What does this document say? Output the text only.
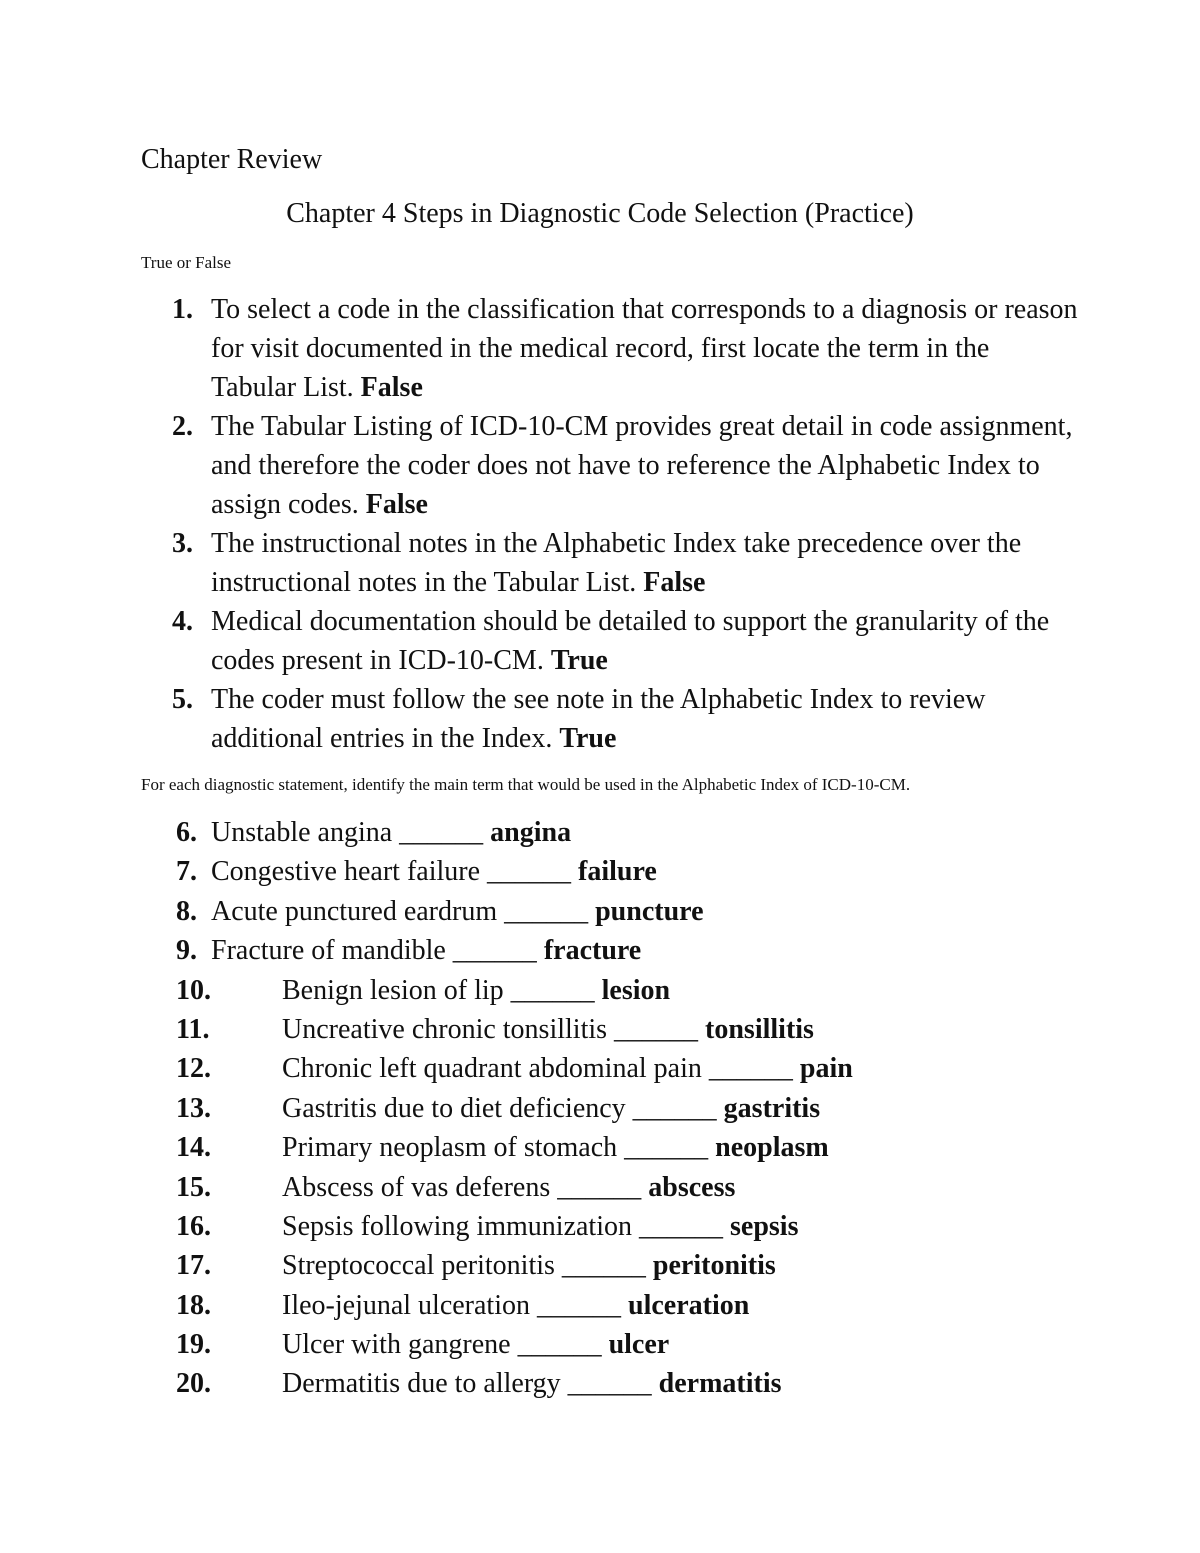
Chapter Review
Chapter 4 Steps in Diagnostic Code Selection (Practice)
True or False
1. To select a code in the classification that corresponds to a diagnosis or reason for visit documented in the medical record, first locate the term in the Tabular List. False
2. The Tabular Listing of ICD-10-CM provides great detail in code assignment, and therefore the coder does not have to reference the Alphabetic Index to assign codes. False
3. The instructional notes in the Alphabetic Index take precedence over the instructional notes in the Tabular List. False
4. Medical documentation should be detailed to support the granularity of the codes present in ICD-10-CM. True
5. The coder must follow the see note in the Alphabetic Index to review additional entries in the Index. True
For each diagnostic statement, identify the main term that would be used in the Alphabetic Index of ICD-10-CM.
6. Unstable angina ______ angina
7. Congestive heart failure ______ failure
8. Acute punctured eardrum ______ puncture
9. Fracture of mandible ______ fracture
10.	Benign lesion of lip ______ lesion
11.	Uncreative chronic tonsillitis ______ tonsillitis
12.	Chronic left quadrant abdominal pain ______ pain
13.	Gastritis due to diet deficiency ______ gastritis
14.	Primary neoplasm of stomach ______ neoplasm
15.	Abscess of vas deferens ______ abscess
16.	Sepsis following immunization ______ sepsis
17.	Streptococcal peritonitis ______ peritonitis
18.	Ileo-jejunal ulceration ______ ulceration
19.	Ulcer with gangrene ______ ulcer
20.	Dermatitis due to allergy ______ dermatitis
